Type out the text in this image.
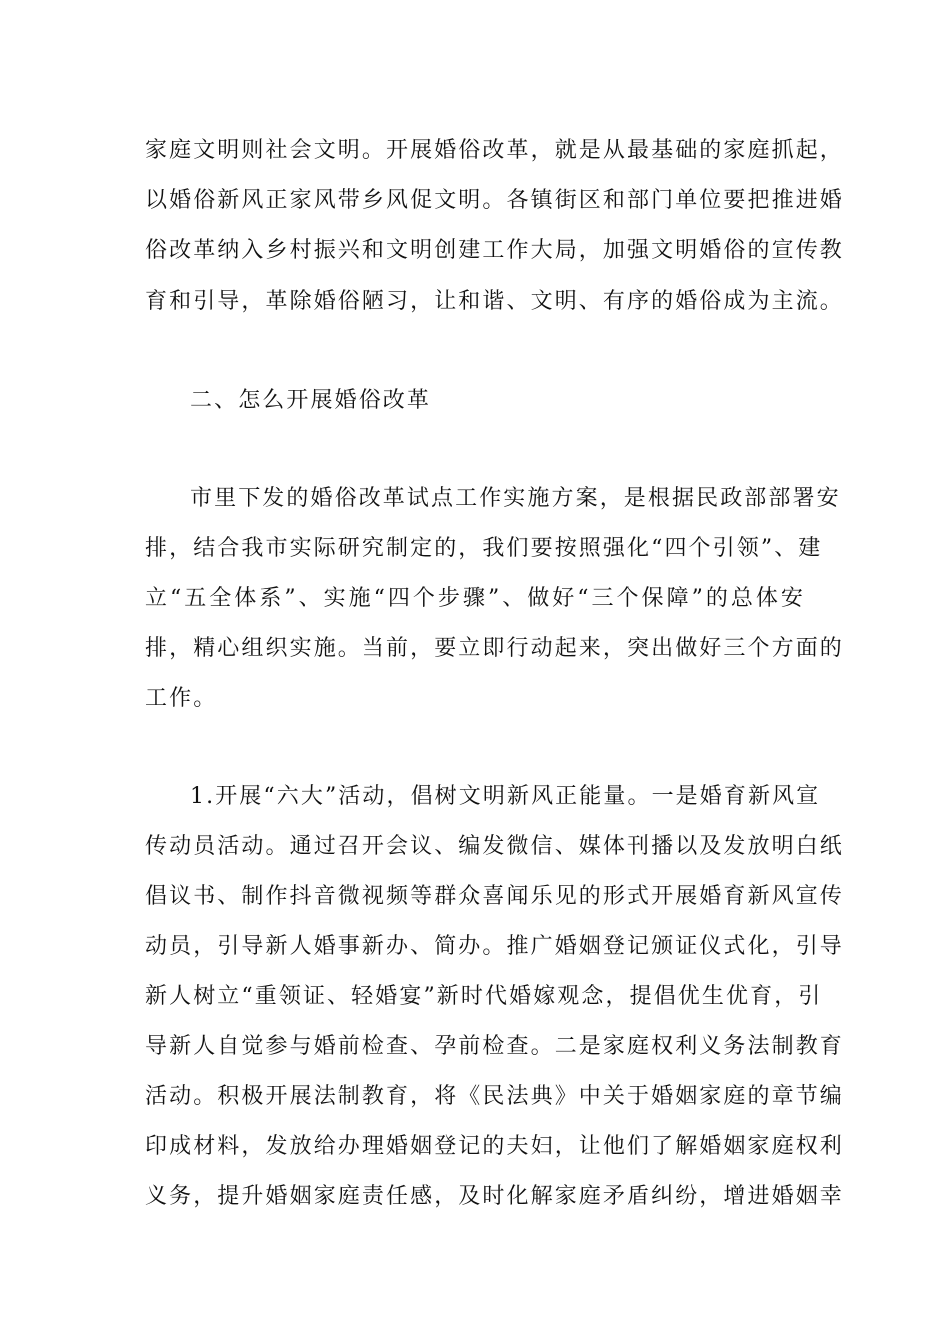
家庭文明则社会文明。开展婚俗改革，就是从最基础的家庭抓起，
以婚俗新风正家风带乡风促文明。各镇街区和部门单位要把推进婚
俗改革纳入乡村振兴和文明创建工作大局，加强文明婚俗的宣传教
育和引导，革除婚俗陋习，让和谐、文明、有序的婚俗成为主流。
二、怎么开展婚俗改革
市里下发的婚俗改革试点工作实施方案，是根据民政部部署安
排，结合我市实际研究制定的，我们要按照强化“四个引领”、建
立“五全体系”、实施“四个步骤”、做好“三个保障”的总体安
排，精心组织实施。当前，要立即行动起来，突出做好三个方面的
工作。
1.开展“六大”活动，倡树文明新风正能量。一是婚育新风宣
传动员活动。通过召开会议、编发微信、媒体刊播以及发放明白纸
倡议书、制作抖音微视频等群众喜闻乐见的形式开展婚育新风宣传
动员，引导新人婚事新办、简办。推广婚姻登记颁证仪式化，引导
新人树立“重领证、轻婚宴”新时代婚嫁观念，提倡优生优育，引
导新人自觉参与婚前检查、孕前检查。二是家庭权利义务法制教育
活动。积极开展法制教育，将《民法典》中关于婚姻家庭的章节编
印成材料，发放给办理婚姻登记的夫妇，让他们了解婚姻家庭权利
义务，提升婚姻家庭责任感，及时化解家庭矛盾纠纷，增进婚姻幸
